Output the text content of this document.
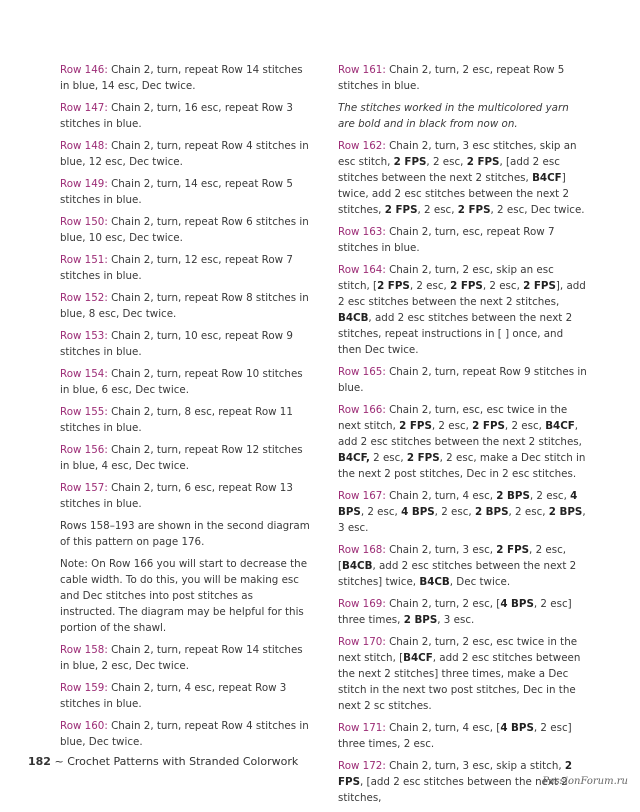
Row 146: Chain 2, turn, repeat Row 14 stitches in blue, 14 esc, Dec twice.

Row 147: Chain 2, turn, 16 esc, repeat Row 3 stitches in blue.

Row 148: Chain 2, turn, repeat Row 4 stitches in blue, 12 esc, Dec twice.

Row 149: Chain 2, turn, 14 esc, repeat Row 5 stitches in blue.

Row 150: Chain 2, turn, repeat Row 6 stitches in blue, 10 esc, Dec twice.

Row 151: Chain 2, turn, 12 esc, repeat Row 7 stitches in blue.

Row 152: Chain 2, turn, repeat Row 8 stitches in blue, 8 esc, Dec twice.

Row 153: Chain 2, turn, 10 esc, repeat Row 9 stitches in blue.

Row 154: Chain 2, turn, repeat Row 10 stitches in blue, 6 esc, Dec twice.

Row 155: Chain 2, turn, 8 esc, repeat Row 11 stitches in blue.

Row 156: Chain 2, turn, repeat Row 12 stitches in blue, 4 esc, Dec twice.

Row 157: Chain 2, turn, 6 esc, repeat Row 13 stitches in blue.

Rows 158–193 are shown in the second diagram of this pattern on page 176.

Note: On Row 166 you will start to decrease the cable width. To do this, you will be making esc and Dec stitches into post stitches as instructed. The diagram may be helpful for this portion of the shawl.

Row 158: Chain 2, turn, repeat Row 14 stitches in blue, 2 esc, Dec twice.

Row 159: Chain 2, turn, 4 esc, repeat Row 3 stitches in blue.

Row 160: Chain 2, turn, repeat Row 4 stitches in blue, Dec twice.

Row 161: Chain 2, turn, 2 esc, repeat Row 5 stitches in blue.

The stitches worked in the multicolored yarn are bold and in black from now on.

Row 162: Chain 2, turn, 3 esc stitches, skip an esc stitch, 2 FPS, 2 esc, 2 FPS, [add 2 esc stitches between the next 2 stitches, B4CF] twice, add 2 esc stitches between the next 2 stitches, 2 FPS, 2 esc, 2 FPS, 2 esc, Dec twice.

Row 163: Chain 2, turn, esc, repeat Row 7 stitches in blue.

Row 164: Chain 2, turn, 2 esc, skip an esc stitch, [2 FPS, 2 esc, 2 FPS, 2 esc, 2 FPS], add 2 esc stitches between the next 2 stitches, B4CB, add 2 esc stitches between the next 2 stitches, repeat instructions in [ ] once, and then Dec twice.

Row 165: Chain 2, turn, repeat Row 9 stitches in blue.

Row 166: Chain 2, turn, esc, esc twice in the next stitch, 2 FPS, 2 esc, 2 FPS, 2 esc, B4CF, add 2 esc stitches between the next 2 stitches, B4CF, 2 esc, 2 FPS, 2 esc, make a Dec stitch in the next 2 post stitches, Dec in 2 esc stitches.

Row 167: Chain 2, turn, 4 esc, 2 BPS, 2 esc, 4 BPS, 2 esc, 4 BPS, 2 esc, 2 BPS, 2 esc, 2 BPS, 3 esc.

Row 168: Chain 2, turn, 3 esc, 2 FPS, 2 esc, [B4CB, add 2 esc stitches between the next 2 stitches] twice, B4CB, Dec twice.

Row 169: Chain 2, turn, 2 esc, [4 BPS, 2 esc] three times, 2 BPS, 3 esc.

Row 170: Chain 2, turn, 2 esc, esc twice in the next stitch, [B4CF, add 2 esc stitches between the next 2 stitches] three times, make a Dec stitch in the next two post stitches, Dec in the next 2 sc stitches.

Row 171: Chain 2, turn, 4 esc, [4 BPS, 2 esc] three times, 2 esc.

Row 172: Chain 2, turn, 3 esc, skip a stitch, 2 FPS, [add 2 esc stitches between the next 2 stitches,

182 ~ Crochet Patterns with Stranded Colorwork
PassionForum.ru
